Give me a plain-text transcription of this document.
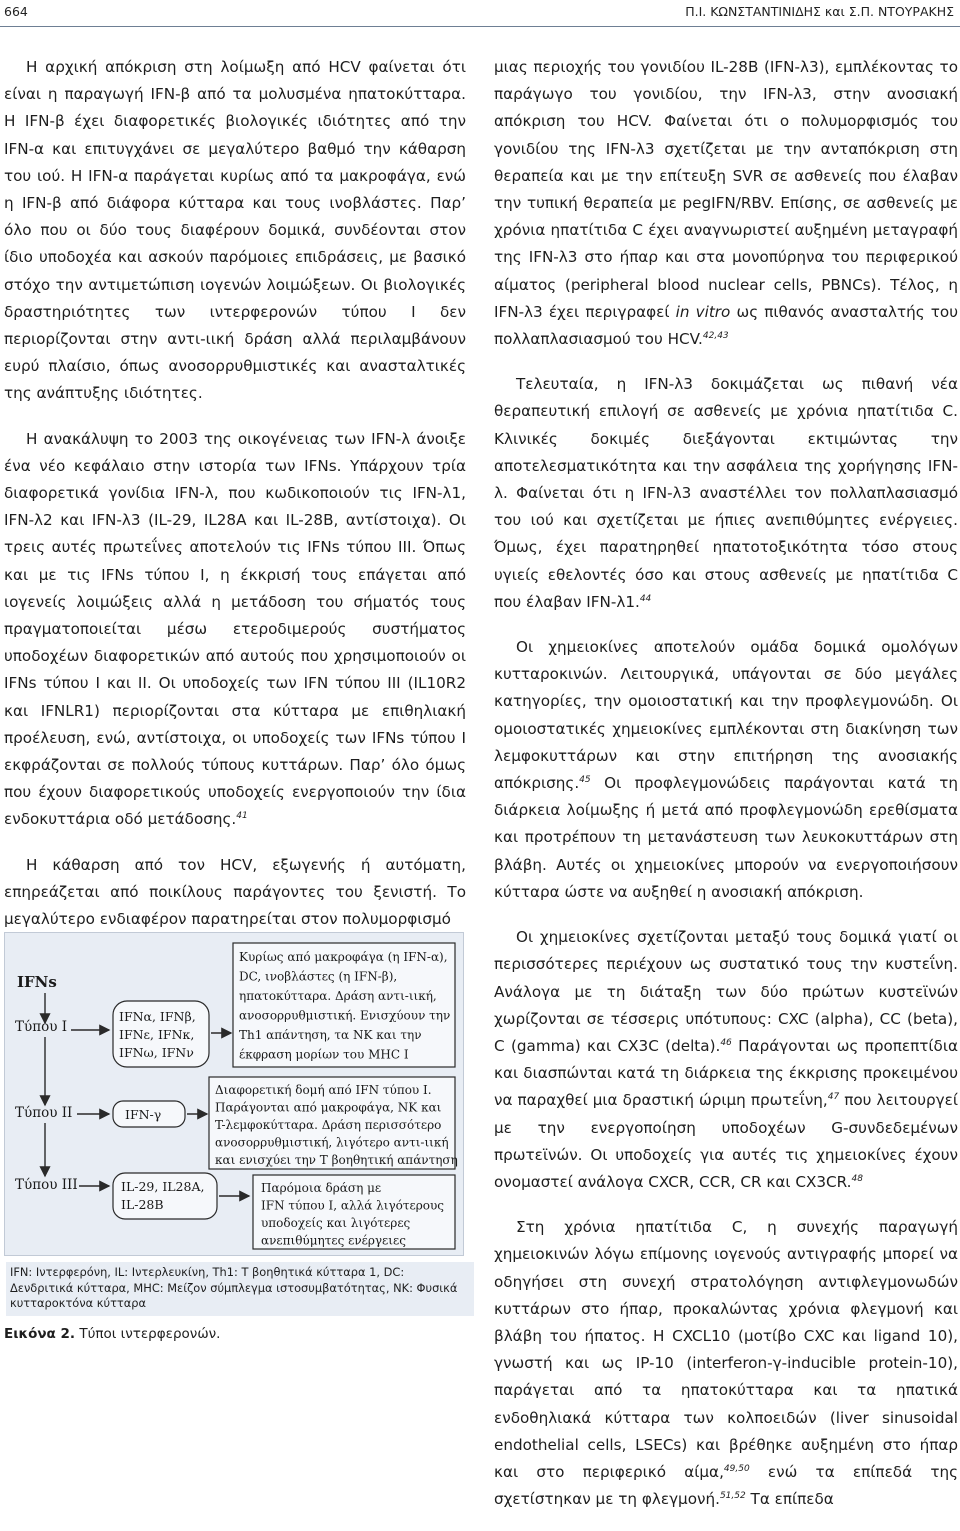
664	Π.Ι. ΚΩΝΣΤΑΝΤΙΝΙΔΗΣ και Σ.Π. ΝΤΟΥΡΑΚΗΣ

Η αρχική απόκριση στη λοίμωξη από HCV φαίνεται ότι είναι η παραγωγή IFN-β από τα μολυσμένα ηπατοκύτταρα. Η IFN-β έχει διαφορετικές βιολογικές ιδιότητες από την IFN-α και επιτυγχάνει σε μεγαλύτερο βαθμό την κάθαρση του ιού. Η IFN-α παράγεται κυρίως από τα μακροφάγα, ενώ η IFN-β από διάφορα κύτταρα και τους ινοβλάστες. Παρ’ όλο που οι δύο τους διαφέρουν δομικά, συνδέονται στον ίδιο υποδοχέα και ασκούν παρόμοιες επιδράσεις, με βασικό στόχο την αντιμετώπιση ιογενών λοιμώξεων. Οι βιολογικές δραστηριότητες των ιντερφερονών τύπου I δεν περιορίζονται στην αντι-ιική δράση αλλά περιλαμβάνουν ευρύ πλαίσιο, όπως ανοσορρυθμιστικές και ανασταλτικές της ανάπτυξης ιδιότητες.

Η ανακάλυψη το 2003 της οικογένειας των IFN-λ άνοιξε ένα νέο κεφάλαιο στην ιστορία των IFNs. Υπάρχουν τρία διαφορετικά γονίδια IFN-λ, που κωδικοποιούν τις IFN-λ1, IFN-λ2 και IFN-λ3 (IL-29, IL28A και IL-28B, αντίστοιχα). Οι τρεις αυτές πρωτεΐνες αποτελούν τις IFNs τύπου III. Όπως και με τις IFNs τύπου I, η έκκρισή τους επάγεται από ιογενείς λοιμώξεις αλλά η μετάδοση του σήματός τους πραγματοποιείται μέσω ετεροδιμερούς συστήματος υποδοχέων διαφορετικών από αυτούς που χρησιμοποιούν οι IFNs τύπου I και II. Οι υποδοχείς των IFN τύπου III (IL10R2 και IFNLR1) περιορίζονται στα κύτταρα με επιθηλιακή προέλευση, ενώ, αντίστοιχα, οι υποδοχείς των IFNs τύπου I εκφράζονται σε πολλούς τύπους κυττάρων. Παρ’ όλο όμως που έχουν διαφορετικούς υποδοχείς ενεργοποιούν την ίδια ενδοκυττάρια οδό μετάδοσης.$^{41}$

Η κάθαρση από τον HCV, εξωγενής ή αυτόματη, επηρεάζεται από ποικίλους παράγοντες του ξενιστή. Το μεγαλύτερο ενδιαφέρον παρατηρείται στον πολυμορφισμό

IFNs
Τύπου I
Τύπου II
Τύπου III
IFNα, IFNβ,
IFNε, IFNκ,
IFNω, IFNν
IFN-γ
IL-29, IL28A,
IL-28B
Κυρίως από μακροφάγα (η IFN-α),
DC, ινοβλάστες (η IFN-β),
ηπατοκύτταρα. Δράση αντι-ιική,
ανοσορρυθμιστική. Ενισχύουν την
Th1 απάντηση, τα NK και την
έκφραση μορίων του MHC I
Διαφορετική δομή από IFN τύπου I.
Παράγονται από μακροφάγα, NK και
T-λεμφοκύτταρα. Δράση περισσότερο
ανοσορρυθμιστική, λιγότερο αντι-ιική
και ενισχύει την Τ βοηθητική απάντηση
Παρόμοια δράση με
IFN τύπου I, αλλά λιγότερους
υποδοχείς και λιγότερες
ανεπιθύμητες ενέργειες
IFN: Ιντερφερόνη, IL: Ιντερλευκίνη, Th1: T βοηθητικά κύτταρα 1, DC: Δενδριτικά κύτταρα, MHC: Μείζον σύμπλεγμα ιστοσυμβατότητας, NK: Φυσικά κυτταροκτόνα κύτταρα
Εικόνα 2. Τύποι ιντερφερονών.

μιας περιοχής του γονιδίου IL-28B (IFN-λ3), εμπλέκοντας το παράγωγο του γονιδίου, την IFN-λ3, στην ανοσιακή απόκριση του HCV. Φαίνεται ότι ο πολυμορφισμός του γονιδίου της IFN-λ3 σχετίζεται με την ανταπόκριση στη θεραπεία και με την επίτευξη SVR σε ασθενείς που έλαβαν την τυπική θεραπεία με pegIFN/RBV. Επίσης, σε ασθενείς με χρόνια ηπατίτιδα C έχει αναγνωριστεί αυξημένη μεταγραφή της IFN-λ3 στο ήπαρ και στα μονοπύρηνα του περιφερικού αίματος (peripheral blood nuclear cells, PBNCs). Τέλος, η IFN-λ3 έχει περιγραφεί in vitro ως πιθανός ανασταλτής του πολλαπλασιασμού του HCV.$^{42,43}$

Τελευταία, η IFN-λ3 δοκιμάζεται ως πιθανή νέα θεραπευτική επιλογή σε ασθενείς με χρόνια ηπατίτιδα C. Κλινικές δοκιμές διεξάγονται εκτιμώντας την αποτελεσματικότητα και την ασφάλεια της χορήγησης IFN-λ. Φαίνεται ότι η IFN-λ3 αναστέλλει τον πολλαπλασιασμό του ιού και σχετίζεται με ήπιες ανεπιθύμητες ενέργειες. Όμως, έχει παρατηρηθεί ηπατοτοξικότητα τόσο στους υγιείς εθελοντές όσο και στους ασθενείς με ηπατίτιδα C που έλαβαν IFN-λ1.44

Οι χημειοκίνες αποτελούν ομάδα δομικά ομολόγων κυτταροκινών. Λειτουργικά, υπάγονται σε δύο μεγάλες κατηγορίες, την ομοιοστατική και την προφλεγμονώδη. Οι ομοιοστατικές χημειοκίνες εμπλέκονται στη διακίνηση των λεμφοκυττάρων και στην επιτήρηση της ανοσιακής απόκρισης.$^{45}$ Οι προφλεγμονώδεις παράγονται κατά τη διάρκεια λοίμωξης ή μετά από προφλεγμονώδη ερεθίσματα και προτρέπουν τη μετανάστευση των λευκοκυττάρων στη βλάβη. Αυτές οι χημειοκίνες μπορούν να ενεργοποιήσουν κύτταρα ώστε να αυξηθεί η ανοσιακή απόκριση.

Οι χημειοκίνες σχετίζονται μεταξύ τους δομικά γιατί οι περισσότερες περιέχουν ως συστατικό τους την κυστεΐνη. Ανάλογα με τη διάταξη των δύο πρώτων κυστεϊνών χωρίζονται σε τέσσερις υπότυπους: CXC (alpha), CC (beta), C (gamma) και CX3C (delta).$^{46}$ Παράγονται ως προπεπτίδια και διασπώνται κατά τη διάρκεια της έκκρισης προκειμένου να παραχθεί μια δραστική ώριμη πρωτεΐνη,$^{47}$ που λειτουργεί με την ενεργοποίηση υποδοχέων G-συνδεδεμένων πρωτεϊνών. Οι υποδοχείς για αυτές τις χημειοκίνες έχουν ονομαστεί ανάλογα CXCR, CCR, CR και CX3CR.$^{48}$

Στη χρόνια ηπατίτιδα C, η συνεχής παραγωγή χημειοκινών λόγω επίμονης ιογενούς αντιγραφής μπορεί να οδηγήσει στη συνεχή στρατολόγηση αντιφλεγμονωδών κυττάρων στο ήπαρ, προκαλώντας χρόνια φλεγμονή και βλάβη του ήπατος. Η CXCL10 (μοτίβο CXC και ligand 10), γνωστή και ως IP-10 (interferon-γ-inducible protein-10), παράγεται από τα ηπατοκύτταρα και τα ηπατικά ενδοθηλιακά κύτταρα των κολποειδών (liver sinusoidal endothelial cells, LSECs) και βρέθηκε αυξημένη στο ήπαρ και στο περιφερικό αίμα,$^{49,50}$ ενώ τα επίπεδά της σχετίστηκαν με τη φλεγμονή.$^{51,52}$ Τα επίπεδα
